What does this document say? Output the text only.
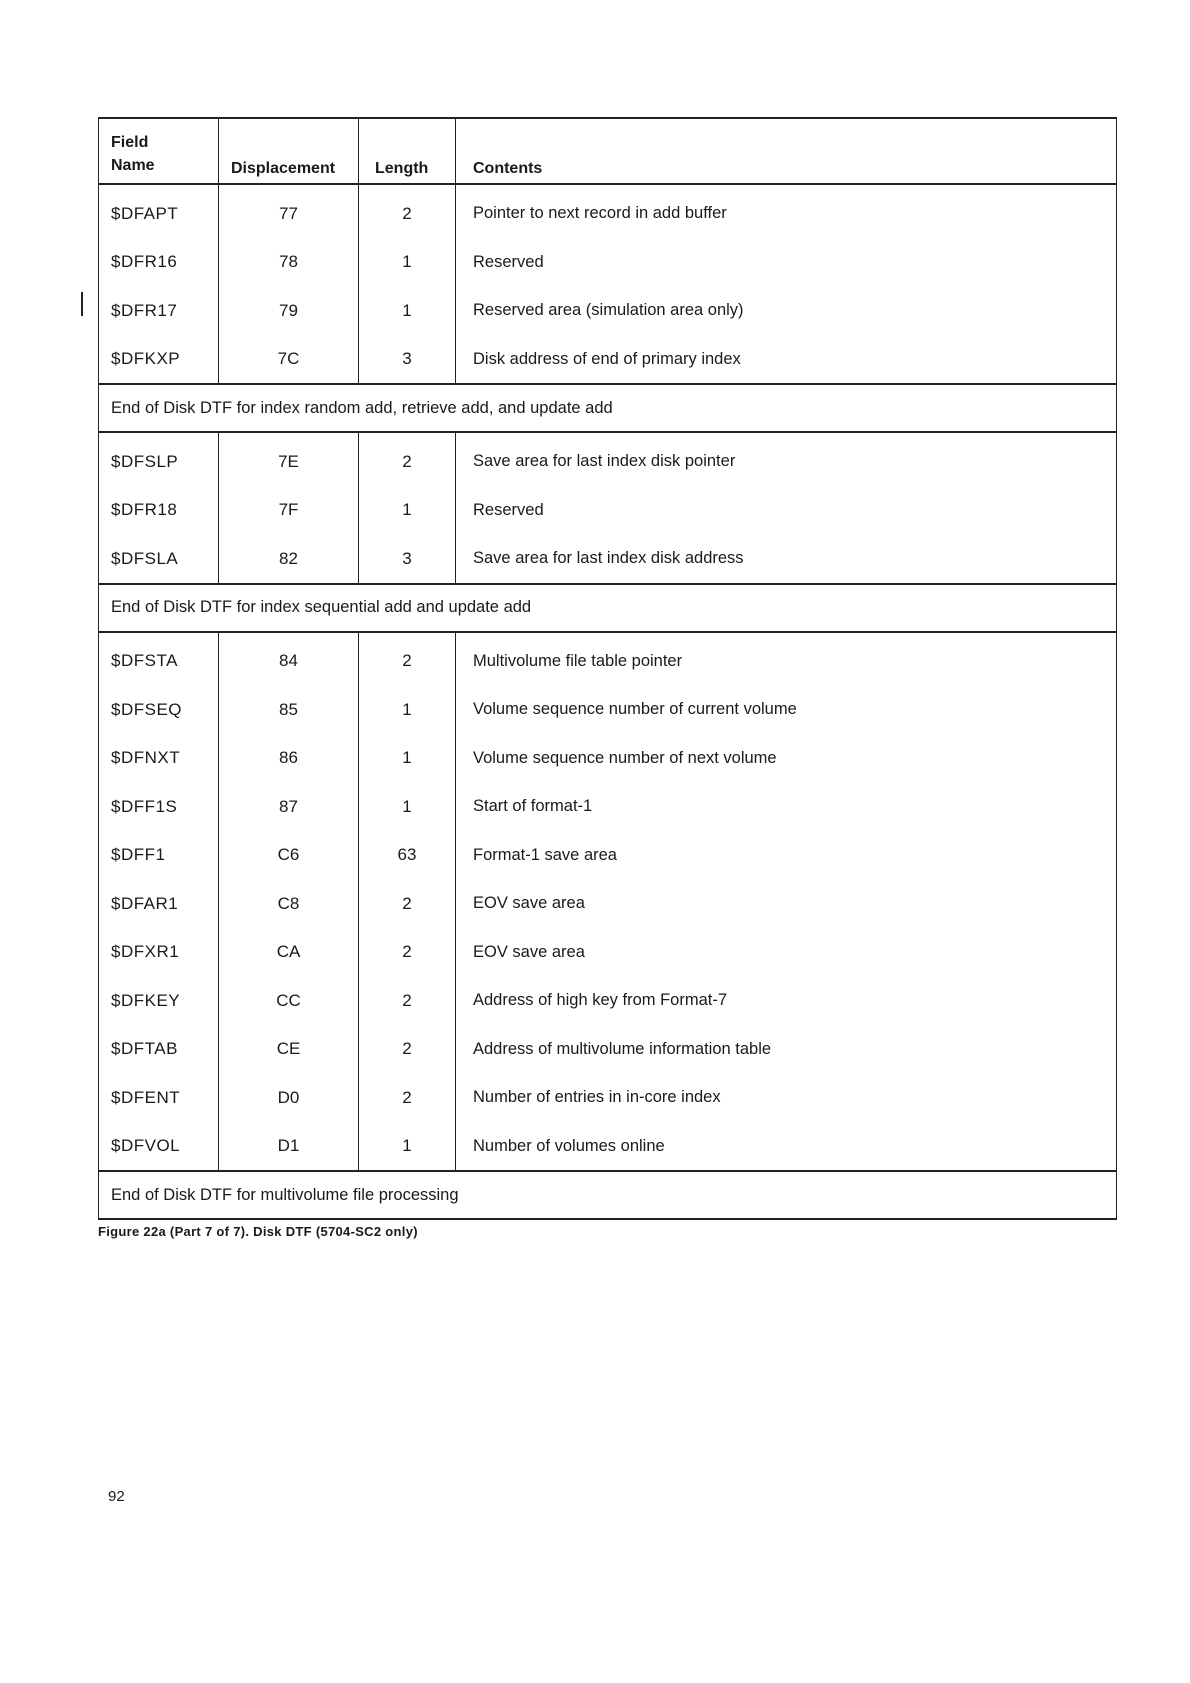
Field
Name	Displacement	Length	Contents
$DFAPT	77	2	Pointer to next record in add buffer
$DFR16	78	1	Reserved
$DFR17	79	1	Reserved area (simulation area only)
$DFKXP	7C	3	Disk address of end of primary index
End of Disk DTF for index random add, retrieve add, and update add			
$DFSLP	7E	2	Save area for last index disk pointer
$DFR18	7F	1	Reserved
$DFSLA	82	3	Save area for last index disk address
End of Disk DTF for index sequential add and update add			
$DFSTA	84	2	Multivolume file table pointer
$DFSEQ	85	1	Volume sequence number of current volume
$DFNXT	86	1	Volume sequence number of next volume
$DFF1S	87	1	Start of format-1
$DFF1	C6	63	Format-1 save area
$DFAR1	C8	2	EOV save area
$DFXR1	CA	2	EOV save area
$DFKEY	CC	2	Address of high key from Format-7
$DFTAB	CE	2	Address of multivolume information table
$DFENT	D0	2	Number of entries in in-core index
$DFVOL	D1	1	Number of volumes online
End of Disk DTF for multivolume file processing			
Figure 22a (Part 7 of 7). Disk DTF (5704-SC2 only)
92
